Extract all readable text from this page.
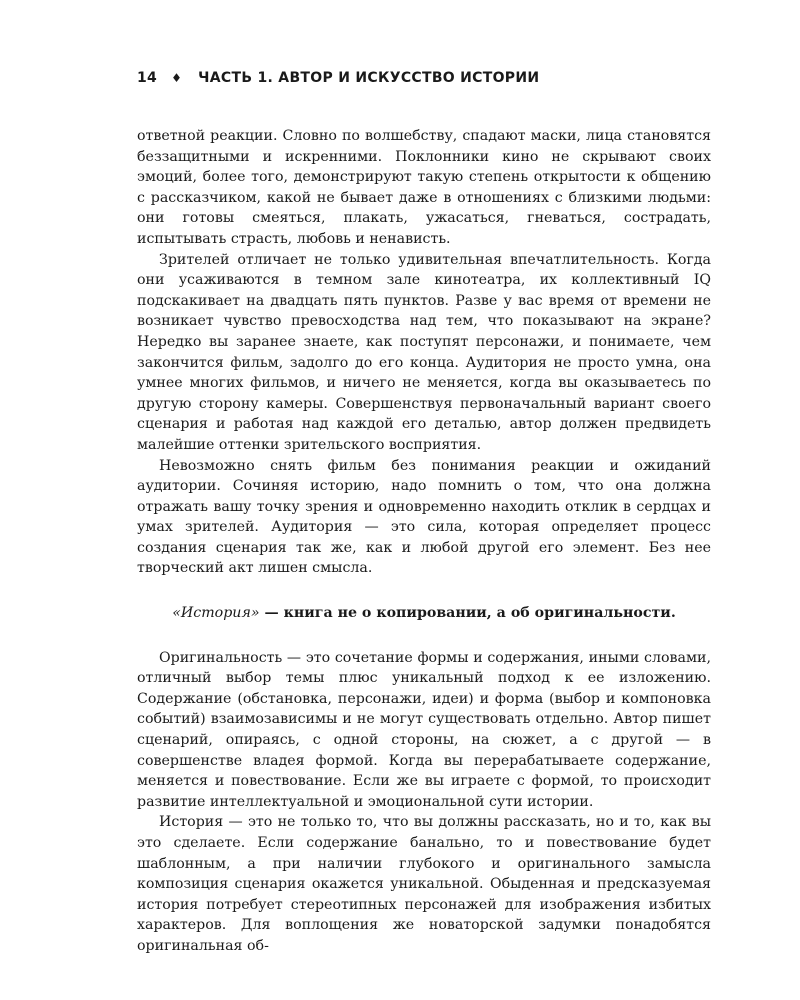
14 ♦ ЧАСТЬ 1. АВТОР И ИСКУССТВО ИСТОРИИ

ответной реакции. Словно по волшебству, спадают маски, лица становятся беззащитными и искренними. Поклонники кино не скрывают своих эмоций, более того, демонстрируют такую степень открытости к общению с рассказчиком, какой не бывает даже в отношениях с близкими людьми: они готовы смеяться, плакать, ужасаться, гневаться, сострадать, испытывать страсть, любовь и ненависть.

Зрителей отличает не только удивительная впечатлительность. Когда они усаживаются в темном зале кинотеатра, их коллективный IQ подскакивает на двадцать пять пунктов. Разве у вас время от времени не возникает чувство превосходства над тем, что показывают на экране? Нередко вы заранее знаете, как поступят персонажи, и понимаете, чем закончится фильм, задолго до его конца. Аудитория не просто умна, она умнее многих фильмов, и ничего не меняется, когда вы оказываетесь по другую сторону камеры. Совершенствуя первоначальный вариант своего сценария и работая над каждой его деталью, автор должен предвидеть малейшие оттенки зрительского восприятия.

Невозможно снять фильм без понимания реакции и ожиданий аудитории. Сочиняя историю, надо помнить о том, что она должна отражать вашу точку зрения и одновременно находить отклик в сердцах и умах зрителей. Аудитория — это сила, которая определяет процесс создания сценария так же, как и любой другой его элемент. Без нее творческий акт лишен смысла.

«История» — книга не о копировании, а об оригинальности.

Оригинальность — это сочетание формы и содержания, иными словами, отличный выбор темы плюс уникальный подход к ее изложению. Содержание (обстановка, персонажи, идеи) и форма (выбор и компоновка событий) взаимозависимы и не могут существовать отдельно. Автор пишет сценарий, опираясь, с одной стороны, на сюжет, а с другой — в совершенстве владея формой. Когда вы перерабатываете содержание, меняется и повествование. Если же вы играете с формой, то происходит развитие интеллектуальной и эмоциональной сути истории.

История — это не только то, что вы должны рассказать, но и то, как вы это сделаете. Если содержание банально, то и повествование будет шаблонным, а при наличии глубокого и оригинального замысла композиция сценария окажется уникальной. Обыденная и предсказуемая история потребует стереотипных персонажей для изображения избитых характеров. Для воплощения же новаторской задумки понадобятся оригинальная об-
